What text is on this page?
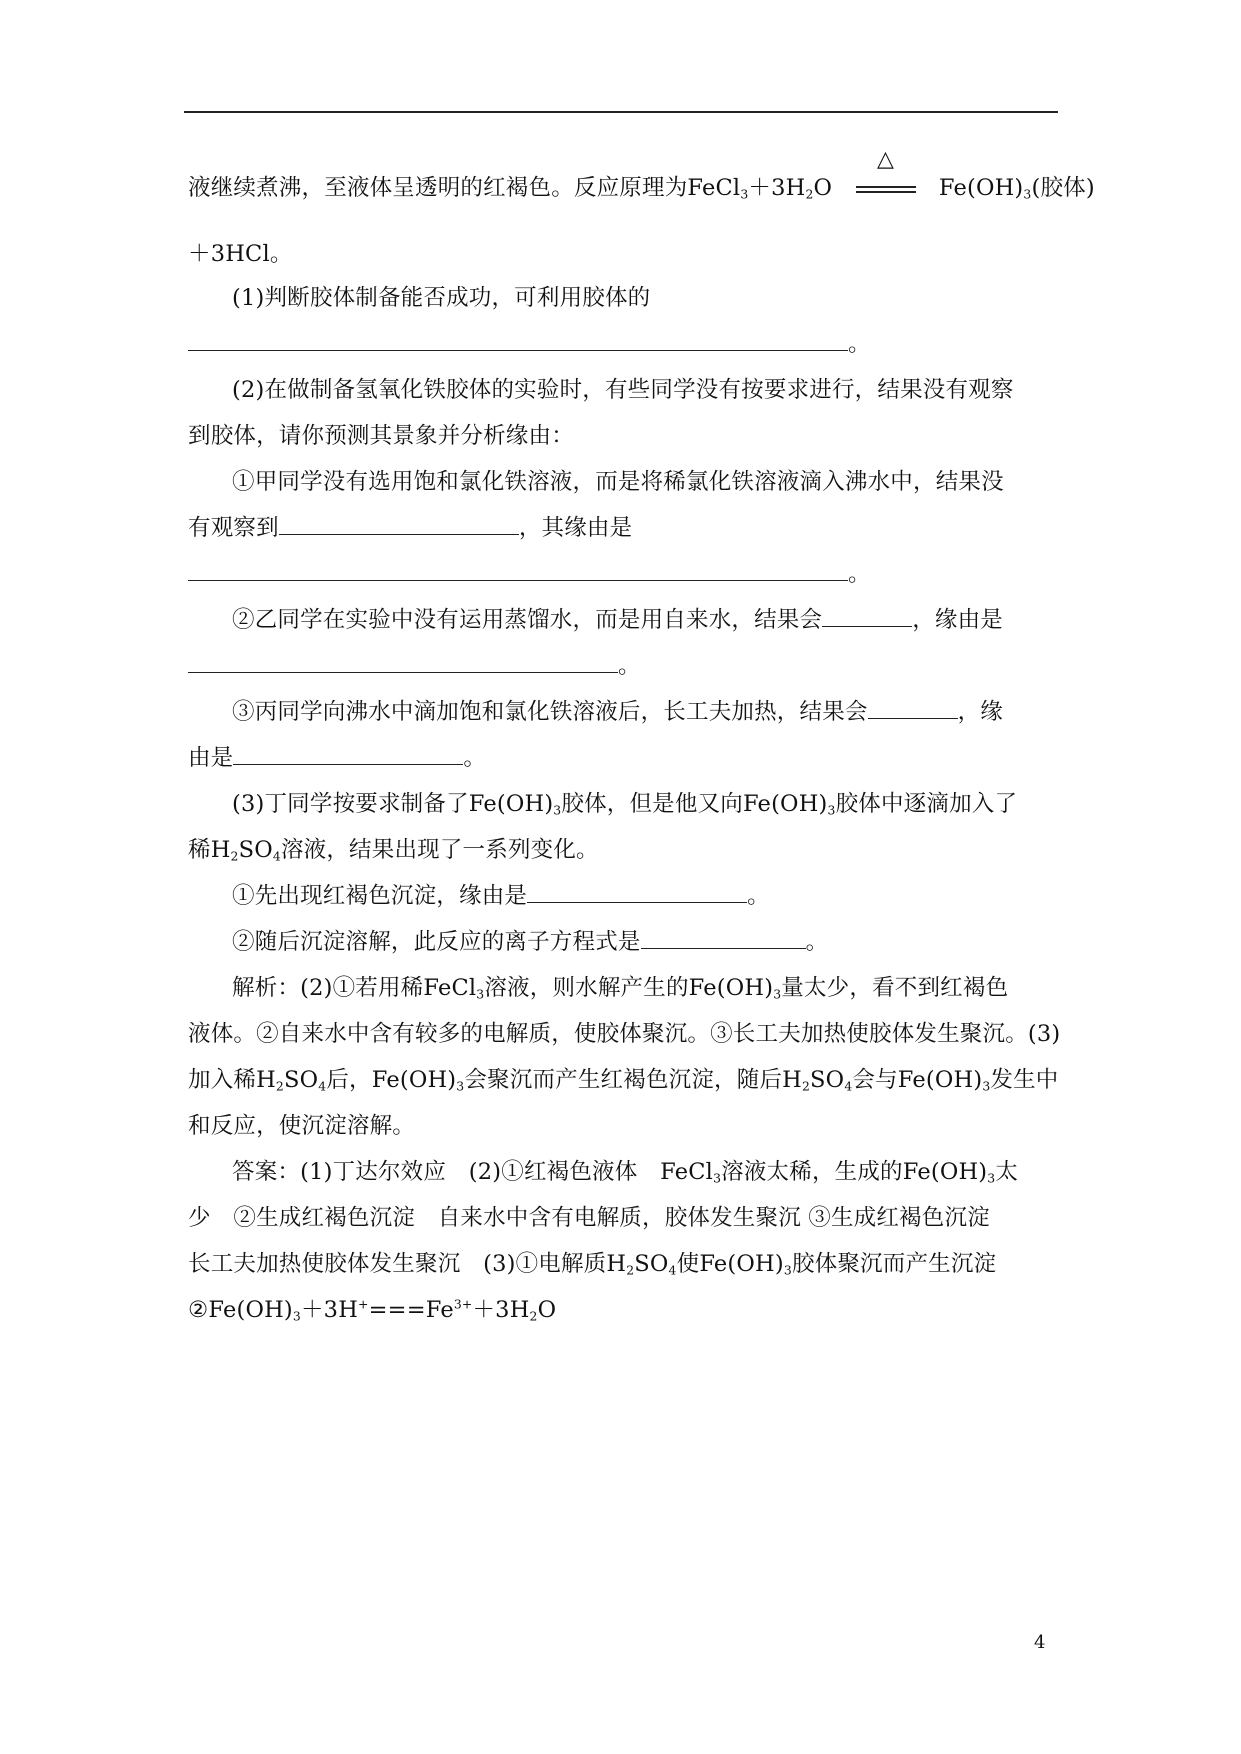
液继续煮沸，至液体呈透明的红褐色。反应原理为$FeCl_3+3H_2O$
△
$Fe(OH)_3$(胶体)
＋3HCl。
(1)判断胶体制备能否成功，可利用胶体的
。
(2)在做制备氢氧化铁胶体的实验时，有些同学没有按要求进行，结果没有观察
到胶体，请你预测其景象并分析缘由：
①甲同学没有选用饱和氯化铁溶液，而是将稀氯化铁溶液滴入沸水中，结果没
有观察到	，其缘由是
。
②乙同学在实验中没有运用蒸馏水，而是用自来水，结果会	，缘由是
。
③丙同学向沸水中滴加饱和氯化铁溶液后，长工夫加热，结果会	，缘
由是	。
(3)丁同学按要求制备了$Fe(OH)_3$胶体，但是他又向$Fe(OH)_3$胶体中逐滴加入了
稀$H_2SO_4$溶液，结果出现了一系列变化。
①先出现红褐色沉淀，缘由是	。
②随后沉淀溶解，此反应的离子方程式是	。
解析：(2)①若用稀FeCl$_3$溶液，则水解产生的$Fe(OH)_3$量太少，看不到红褐色
液体。②自来水中含有较多的电解质，使胶体聚沉。③长工夫加热使胶体发生聚沉。(3)
加入稀$H_2SO_4$后，$Fe(OH)_3$会聚沉而产生红褐色沉淀，随后$H_2SO_4$会与$Fe(OH)_3$发生中
和反应，使沉淀溶解。
答案：(1)丁达尔效应　(2)①红褐色液体　FeCl$_3$溶液太稀，生成的$Fe(OH)_3$太
少　②生成红褐色沉淀　自来水中含有电解质，胶体发生聚沉 ③生成红褐色沉淀
长工夫加热使胶体发生聚沉　(3)①电解质$H_2SO_4$使$Fe(OH)_3$胶体聚沉而产生沉淀
$②Fe(OH)_3+3H^+===Fe^{3+}+3H_2O$
4
